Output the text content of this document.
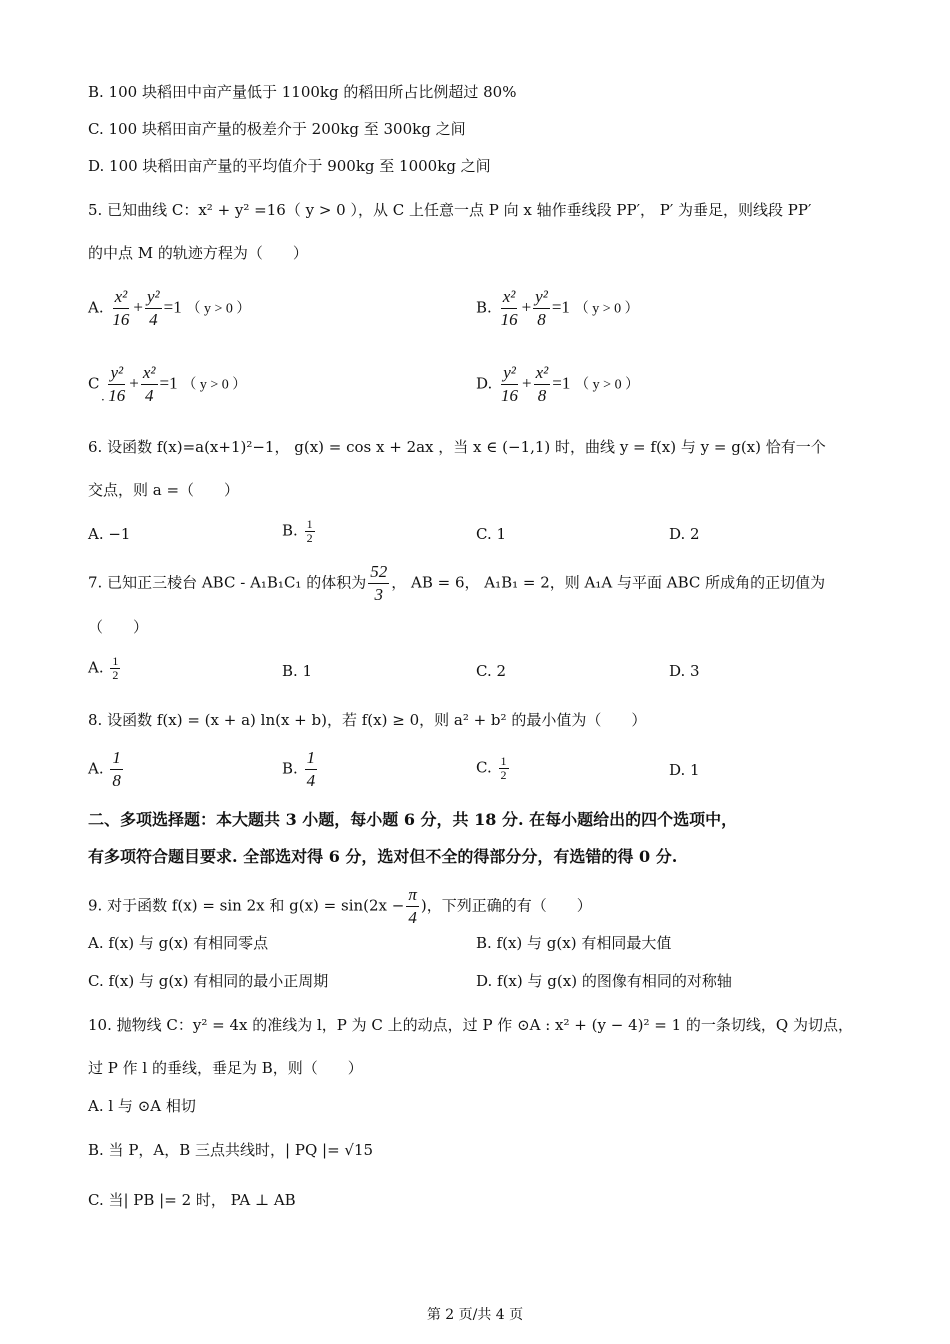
B. 100 块稻田中亩产量低于 1100kg 的稻田所占比例超过 80%
C. 100 块稻田亩产量的极差介于 200kg 至 300kg 之间
D. 100 块稻田亩产量的平均值介于 900kg 至 1000kg 之间
5. 已知曲线 C：x² + y² =16（ y > 0 ），从 C 上任意一点 P 向 x 轴作垂线段 PP′， P′ 为垂足，则线段 PP′
的中点 M 的轨迹方程为（　　）
A. $\frac{\text{x²}}{16} + \frac{\text{y²}}{4} =1$ （ y > 0 ）	B. $\frac{\text{x²}}{16} + \frac{\text{y²}}{8} =1$ （ y > 0 ）
C $\frac{\text{y²}}{16} + \frac{\text{x²}}{4} =1$ （ y > 0 ）
·
D. $\frac{\text{y²}}{16} + \frac{\text{x²}}{8} =1$ （ y > 0 ）
6. 设函数 f(x)=a(x+1)²−1， g(x) = cos x + 2ax ，当 x ∈ (−1,1) 时，曲线 y = f(x) 与 y = g(x) 恰有一个
交点，则 a =（　　）
A. −1	B. $\frac{1}{2}$	C. 1	D. 2
7. 已知正三棱台 ABC - A₁B₁C₁ 的体积为 $\frac{52}{3}$ ， AB = 6， A₁B₁ = 2，则 A₁A 与平面 ABC 所成角的正切值为
（　　）
A. $\frac{1}{2}$	B. 1	C. 2	D. 3
8. 设函数 f(x) = (x + a) ln(x + b)，若 f(x) ≥ 0，则 a² + b² 的最小值为（　　）
A. $\frac{1}{8}$	B. $\frac{1}{4}$	C. $\frac{1}{2}$	D. 1
二、多项选择题：本大题共 3 小题，每小题 6 分，共 18 分. 在每小题给出的四个选项中，
有多项符合题目要求. 全部选对得 6 分，选对但不全的得部分分，有选错的得 0 分.
9. 对于函数 f(x) = sin 2x 和 $g(x) = \sin(2x - \frac{\pi}{4}$ )，下列正确的有（　　）
A. f(x) 与 g(x) 有相同零点	B. f(x) 与 g(x) 有相同最大值
C. f(x) 与 g(x) 有相同的最小正周期	D. f(x) 与 g(x) 的图像有相同的对称轴
10. 抛物线 C：y² = 4x 的准线为 l，P 为 C 上的动点，过 P 作 ⊙A : x² + (y − 4)² = 1 的一条切线，Q 为切点，
过 P 作 l 的垂线，垂足为 B，则（　　）
A. l 与 ⊙A 相切
B. 当 P，A，B 三点共线时，| PQ |= √15
C. 当| PB |= 2 时， PA ⊥ AB
第 2 页/共 4 页
